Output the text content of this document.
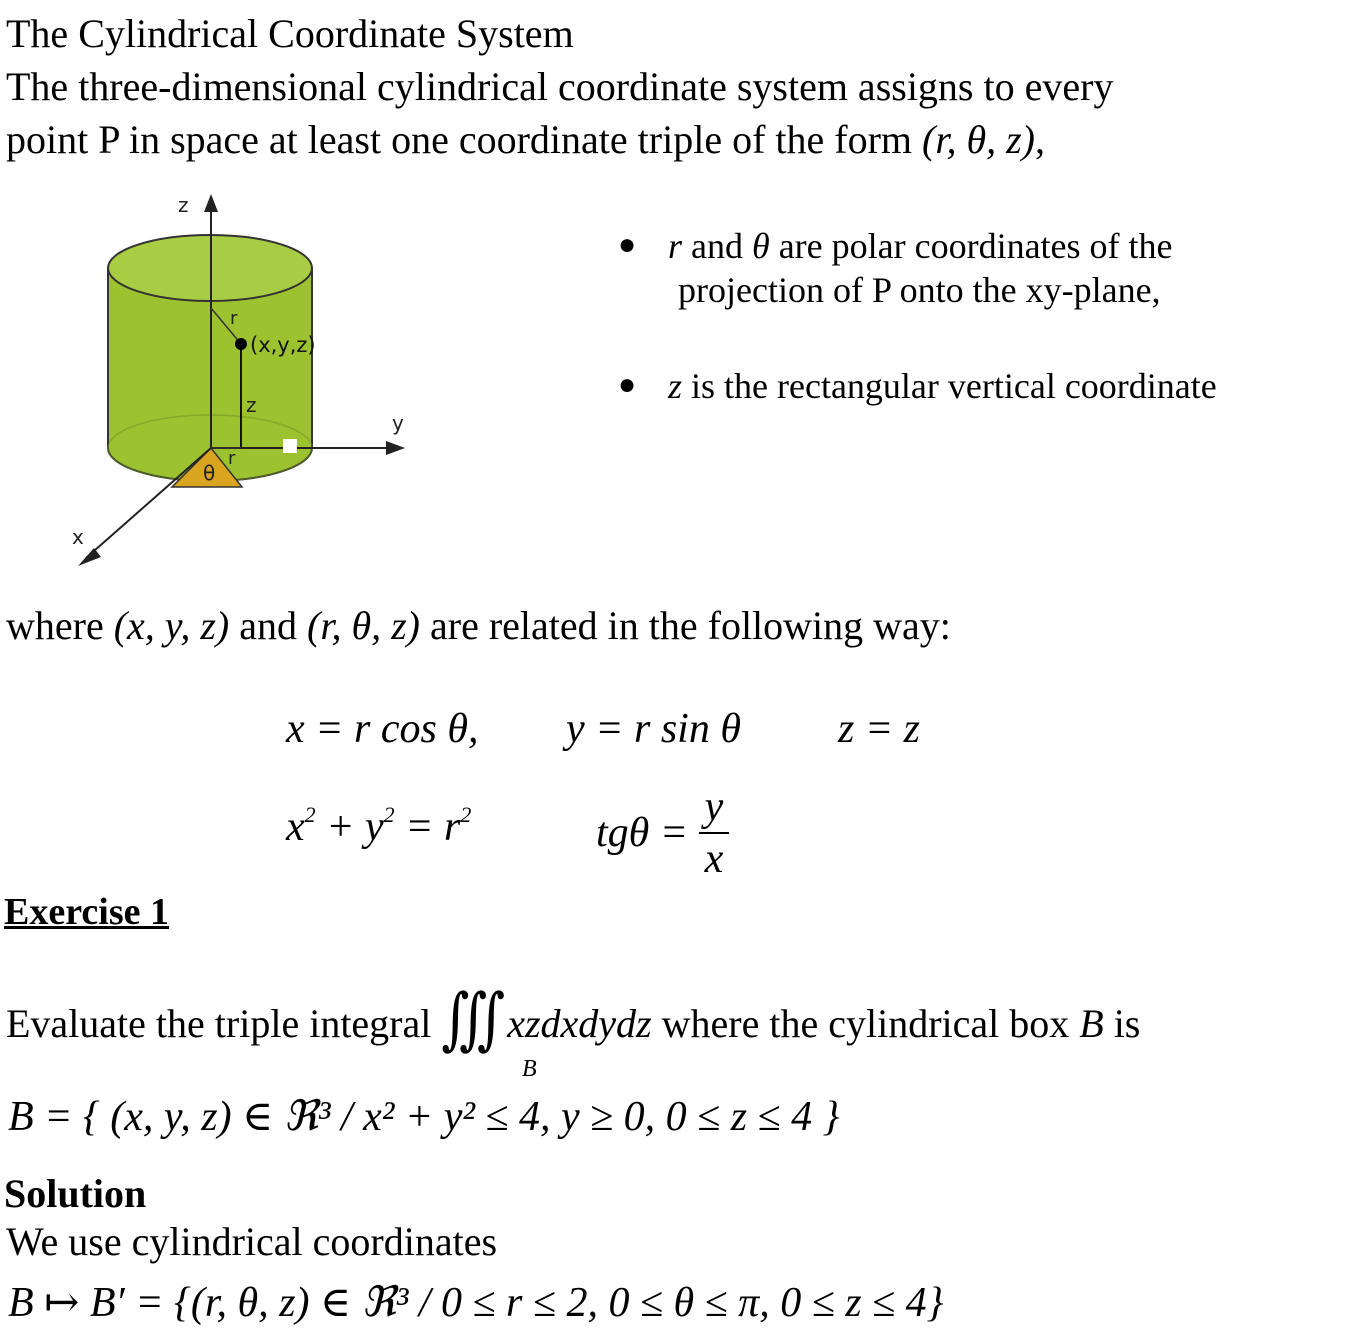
The Cylindrical Coordinate System
The three-dimensional cylindrical coordinate system assigns to every
point P in space at least one coordinate triple of the form (r, θ, z),
z
y
x
(x,y,z)
r
z
r
θ
● r and θ are polar coordinates of the
projection of P onto the xy-plane,
● z is the rectangular vertical coordinate
where (x, y, z) and (r, θ, z) are related in the following way:
x = r cos θ, y = r sin θ z = z
$x^2 + y^2 = r^2$	$tg\theta = \frac{y}{x}$
Exercise 1
Evaluate the triple integral ∭ xzdxdydz where the cylindrical box B is
B
B = { (x, y, z) ∈ ℜ³ / x² + y² ≤ 4, y ≥ 0, 0 ≤ z ≤ 4 }
Solution
We use cylindrical coordinates
B ↦ B′ = {(r, θ, z) ∈ ℜ³ / 0 ≤ r ≤ 2, 0 ≤ θ ≤ π, 0 ≤ z ≤ 4}
